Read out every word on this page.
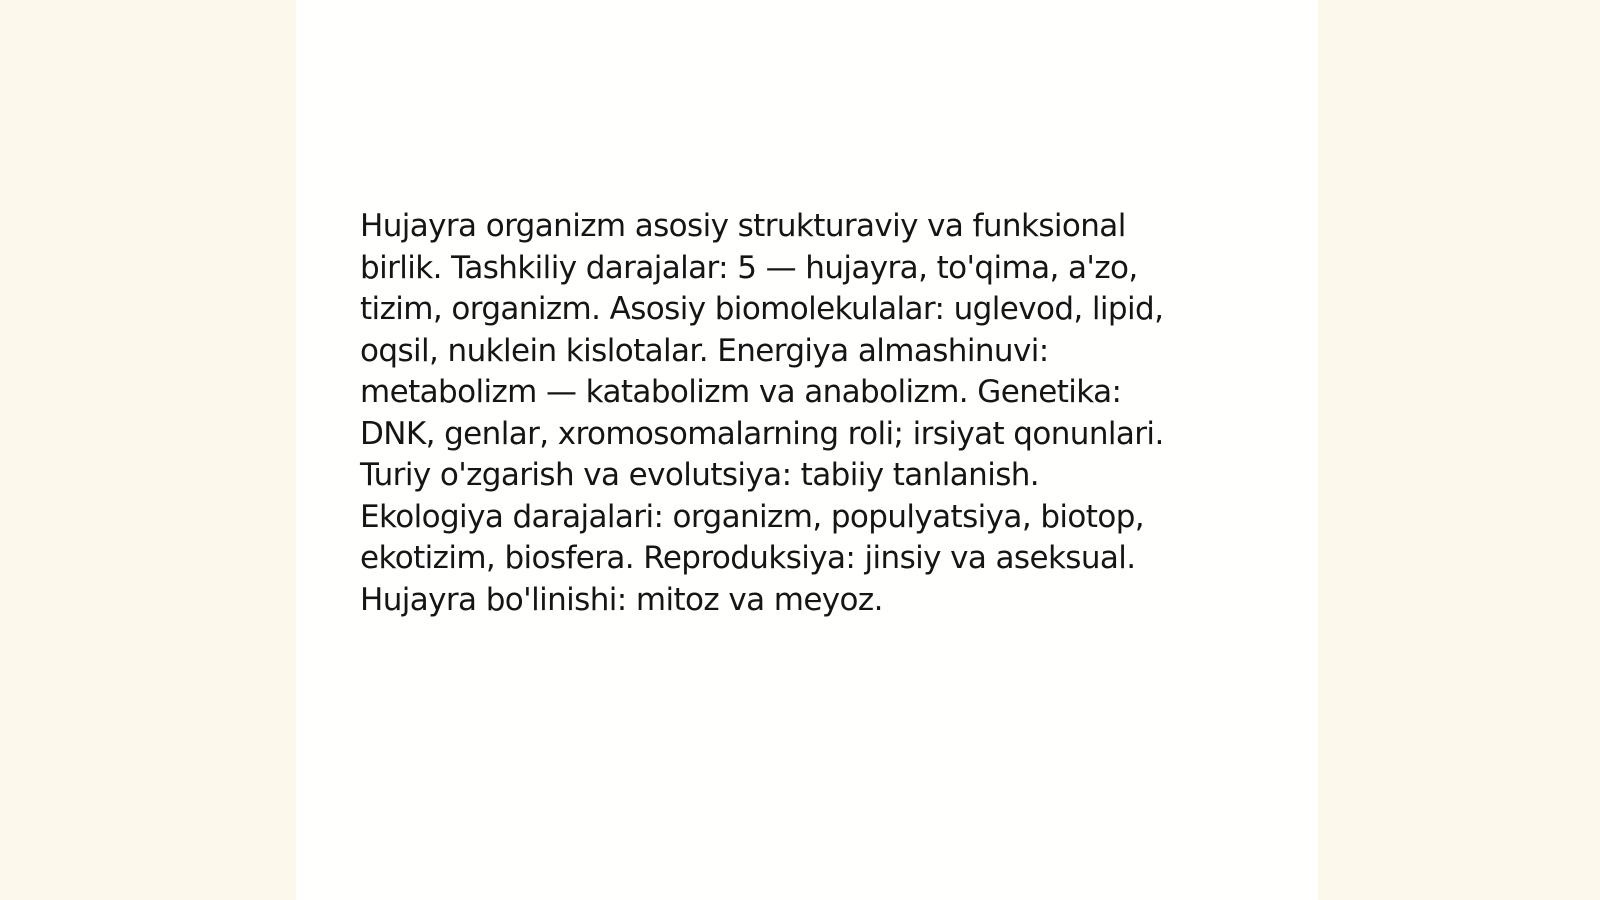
Hujayra organizm asosiy strukturaviy va funksional
birlik. Tashkiliy darajalar: 5 — hujayra, to'qima, a'zo,
tizim, organizm. Asosiy biomolekulalar: uglevod, lipid,
oqsil, nuklein kislotalar. Energiya almashinuvi:
metabolizm — katabolizm va anabolizm. Genetika:
DNK, genlar, xromosomalarning roli; irsiyat qonunlari.
Turiy o'zgarish va evolutsiya: tabiiy tanlanish.
Ekologiya darajalari: organizm, populyatsiya, biotop,
ekotizim, biosfera. Reproduksiya: jinsiy va aseksual.
Hujayra bo'linishi: mitoz va meyoz.
